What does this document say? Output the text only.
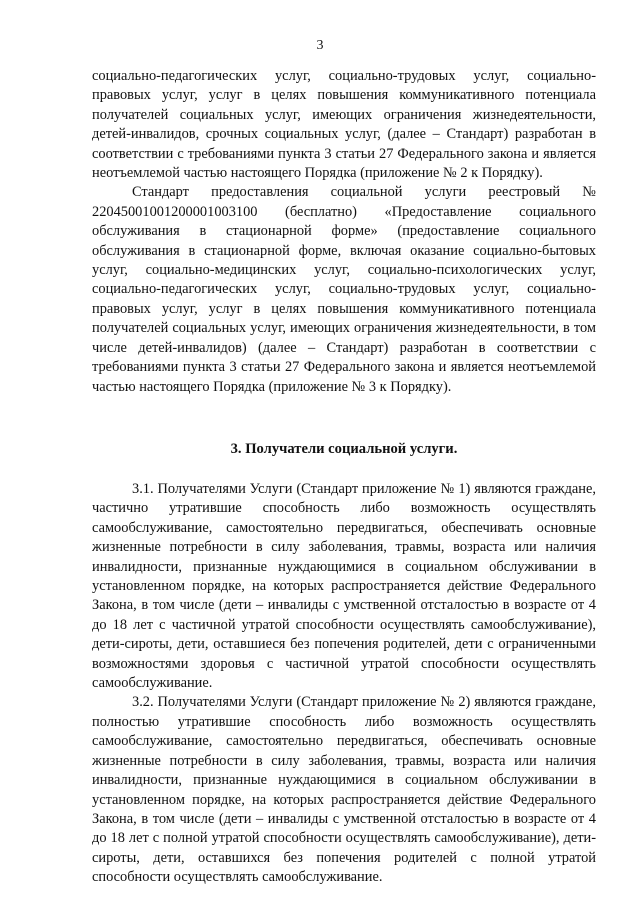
3

социально-педагогических услуг, социально-трудовых услуг, социально-правовых услуг, услуг в целях повышения коммуникативного потенциала получателей социальных услуг, имеющих ограничения жизнедеятельности, детей-инвалидов, срочных социальных услуг, (далее – Стандарт) разработан в соответствии с требованиями пункта 3 статьи 27 Федерального закона и является неотъемлемой частью настоящего Порядка (приложение № 2 к Порядку).

Стандарт предоставления социальной услуги реестровый № 22045001001200001003100 (бесплатно) «Предоставление социального обслуживания в стационарной форме» (предоставление социального обслуживания в стационарной форме, включая оказание социально-бытовых услуг, социально-медицинских услуг, социально-психологических услуг, социально-педагогических услуг, социально-трудовых услуг, социально-правовых услуг, услуг в целях повышения коммуникативного потенциала получателей социальных услуг, имеющих ограничения жизнедеятельности, в том числе детей-инвалидов) (далее – Стандарт) разработан в соответствии с требованиями пункта 3 статьи 27 Федерального закона и является неотъемлемой частью настоящего Порядка (приложение № 3 к Порядку).

3. Получатели социальной услуги.

3.1. Получателями Услуги (Стандарт приложение № 1) являются граждане, частично утратившие способность либо возможность осуществлять самообслуживание, самостоятельно передвигаться, обеспечивать основные жизненные потребности в силу заболевания, травмы, возраста или наличия инвалидности, признанные нуждающимися в социальном обслуживании в установленном порядке, на которых распространяется действие Федерального Закона, в том числе (дети – инвалиды с умственной отсталостью в возрасте от 4 до 18 лет с частичной утратой способности осуществлять самообслуживание), дети-сироты, дети, оставшиеся без попечения родителей, дети с ограниченными возможностями здоровья с частичной утратой способности осуществлять самообслуживание.

3.2. Получателями Услуги (Стандарт приложение № 2) являются граждане, полностью утратившие способность либо возможность осуществлять самообслуживание, самостоятельно передвигаться, обеспечивать основные жизненные потребности в силу заболевания, травмы, возраста или наличия инвалидности, признанные нуждающимися в социальном обслуживании в установленном порядке, на которых распространяется действие Федерального Закона, в том числе (дети – инвалиды с умственной отсталостью в возрасте от 4 до 18 лет с полной утратой способности осуществлять самообслуживание), дети-сироты, дети, оставшихся без попечения родителей с полной утратой способности осуществлять самообслуживание.
